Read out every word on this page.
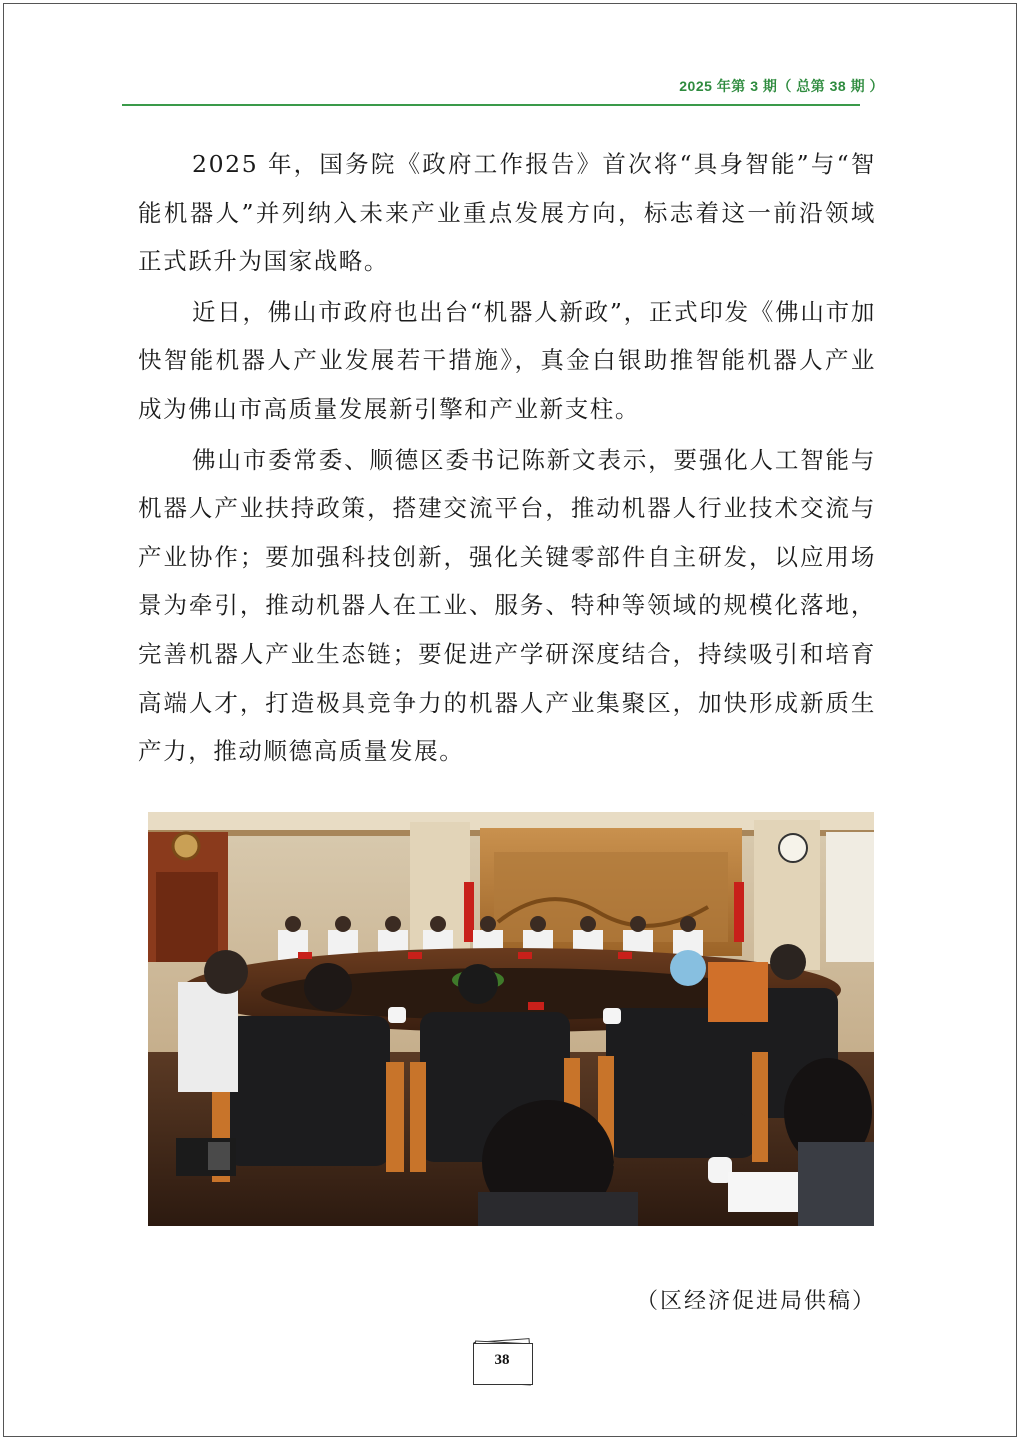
2025 年第 3 期（ 总第 38 期 ）

2025 年，国务院《政府工作报告》首次将“具身智能”与“智能机器人”并列纳入未来产业重点发展方向，标志着这一前沿领域正式跃升为国家战略。

近日，佛山市政府也出台“机器人新政”，正式印发《佛山市加快智能机器人产业发展若干措施》，真金白银助推智能机器人产业成为佛山市高质量发展新引擎和产业新支柱。

佛山市委常委、顺德区委书记陈新文表示，要强化人工智能与机器人产业扶持政策，搭建交流平台，推动机器人行业技术交流与产业协作；要加强科技创新，强化关键零部件自主研发，以应用场景为牵引，推动机器人在工业、服务、特种等领域的规模化落地，完善机器人产业生态链；要促进产学研深度结合，持续吸引和培育高端人才，打造极具竞争力的机器人产业集聚区，加快形成新质生产力，推动顺德高质量发展。

（区经济促进局供稿）
38
